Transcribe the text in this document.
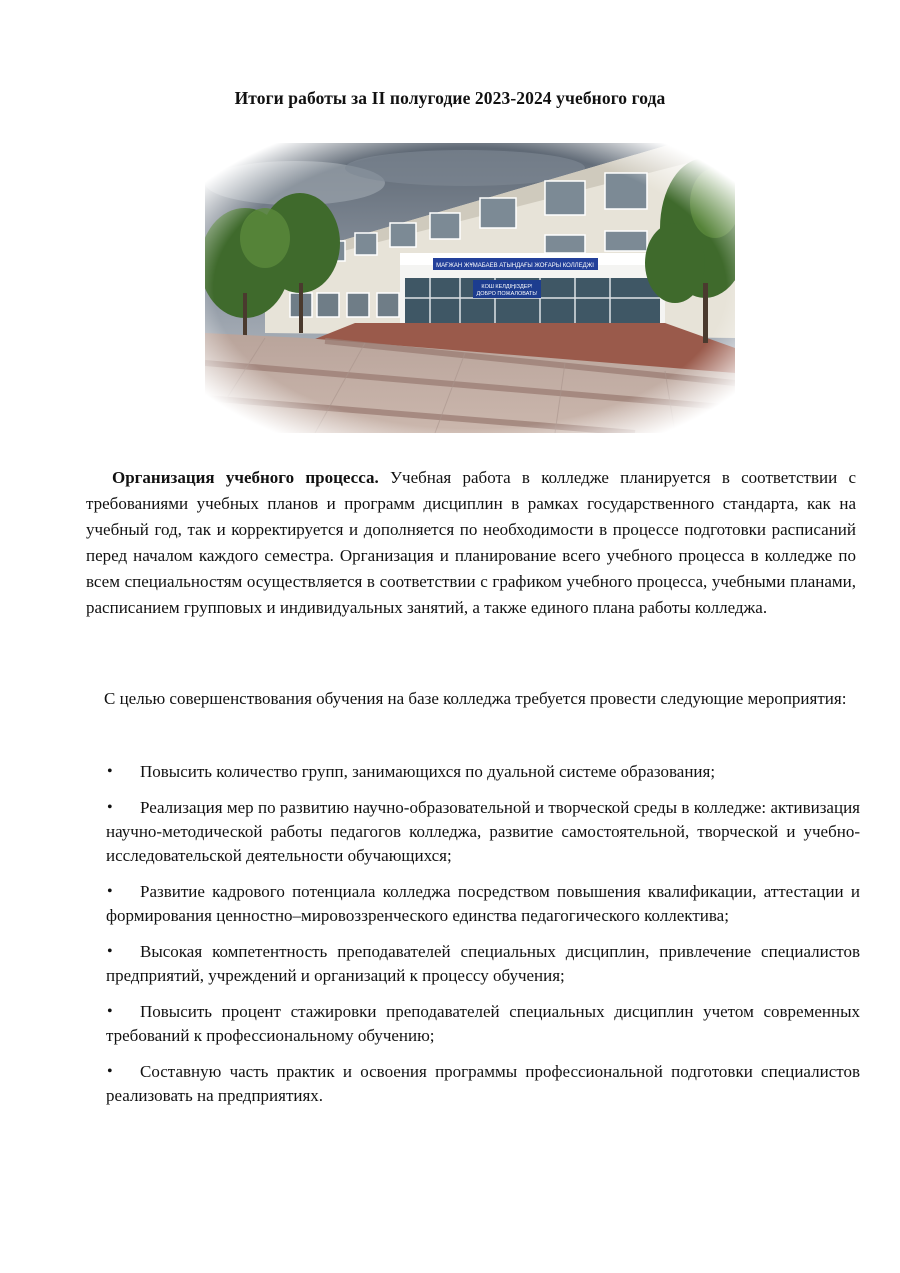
Итоги работы за II полугодие 2023-2024 учебного года
Организация учебного процесса. Учебная работа в колледже планируется в соответствии с требованиями учебных планов и программ дисциплин в рамках государственного стандарта, как на учебный год, так и корректируется и дополняется по необходимости в процессе подготовки расписаний перед началом каждого семестра. Организация и планирование всего учебного процесса в колледже по всем специальностям осуществляется в соответствии с графиком учебного процесса, учебными планами, расписанием групповых и индивидуальных занятий, а также единого плана работы колледжа.
С целью совершенствования обучения на базе колледжа требуется провести следующие мероприятия:
• Повысить количество групп, занимающихся по дуальной системе образования;
• Реализация мер по развитию научно-образовательной и творческой среды в колледже: активизация научно-методической работы педагогов колледжа, развитие самостоятельной, творческой и учебно-исследовательской деятельности обучающихся;
• Развитие кадрового потенциала колледжа посредством повышения квалификации, аттестации и формирования ценностно–мировоззренческого единства педагогического коллектива;
• Высокая компетентность преподавателей специальных дисциплин, привлечение специалистов предприятий, учреждений и организаций к процессу обучения;
• Повысить процент стажировки преподавателей специальных дисциплин учетом современных требований к профессиональному обучению;
• Составную часть практик и освоения программы профессиональной подготовки специалистов реализовать на предприятиях.
